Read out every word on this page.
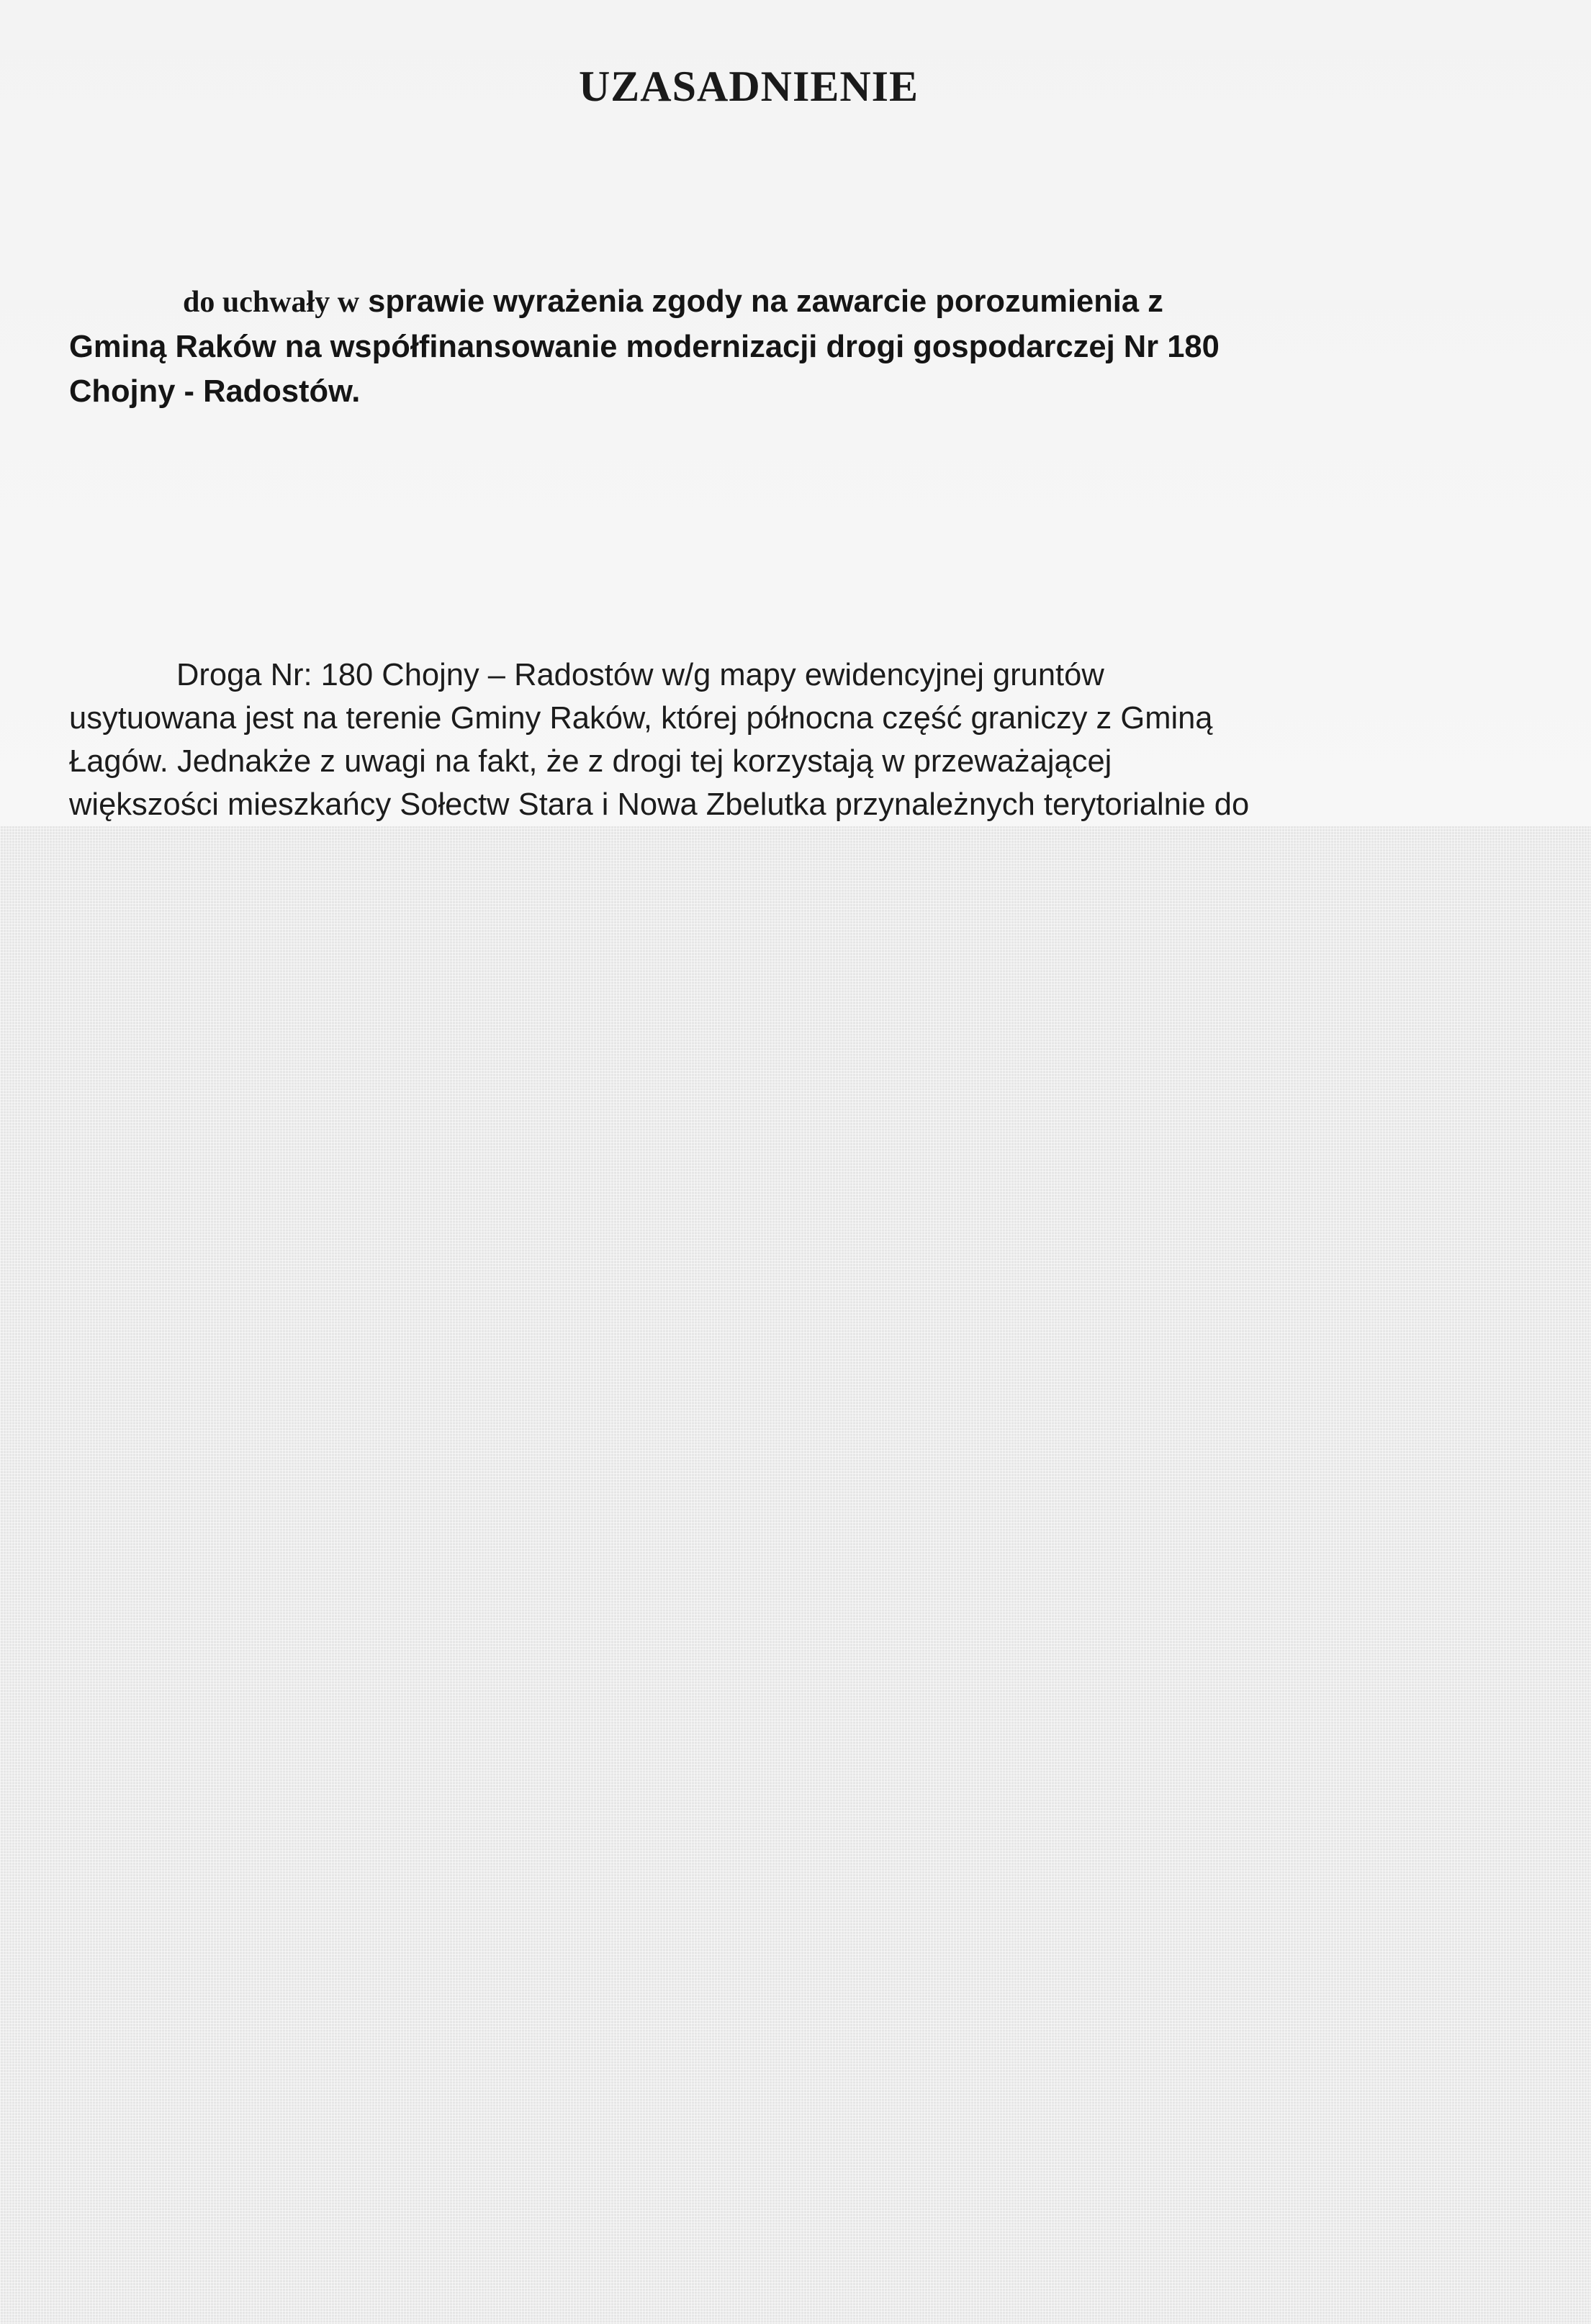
UZASADNIENIE
do uchwały w sprawie wyrażenia zgody na zawarcie porozumienia z
Gminą Raków na współfinansowanie modernizacji drogi gospodarczej Nr 180
Chojny - Radostów.
Droga Nr: 180 Chojny – Radostów w/g mapy ewidencyjnej gruntów
usytuowana jest na terenie Gminy Raków, której północna część graniczy z Gminą
Łagów. Jednakże z uwagi na fakt, że z drogi tej korzystają w przeważającej
większości mieszkańcy Sołectw Stara i Nowa Zbelutka przynależnych terytorialnie do
